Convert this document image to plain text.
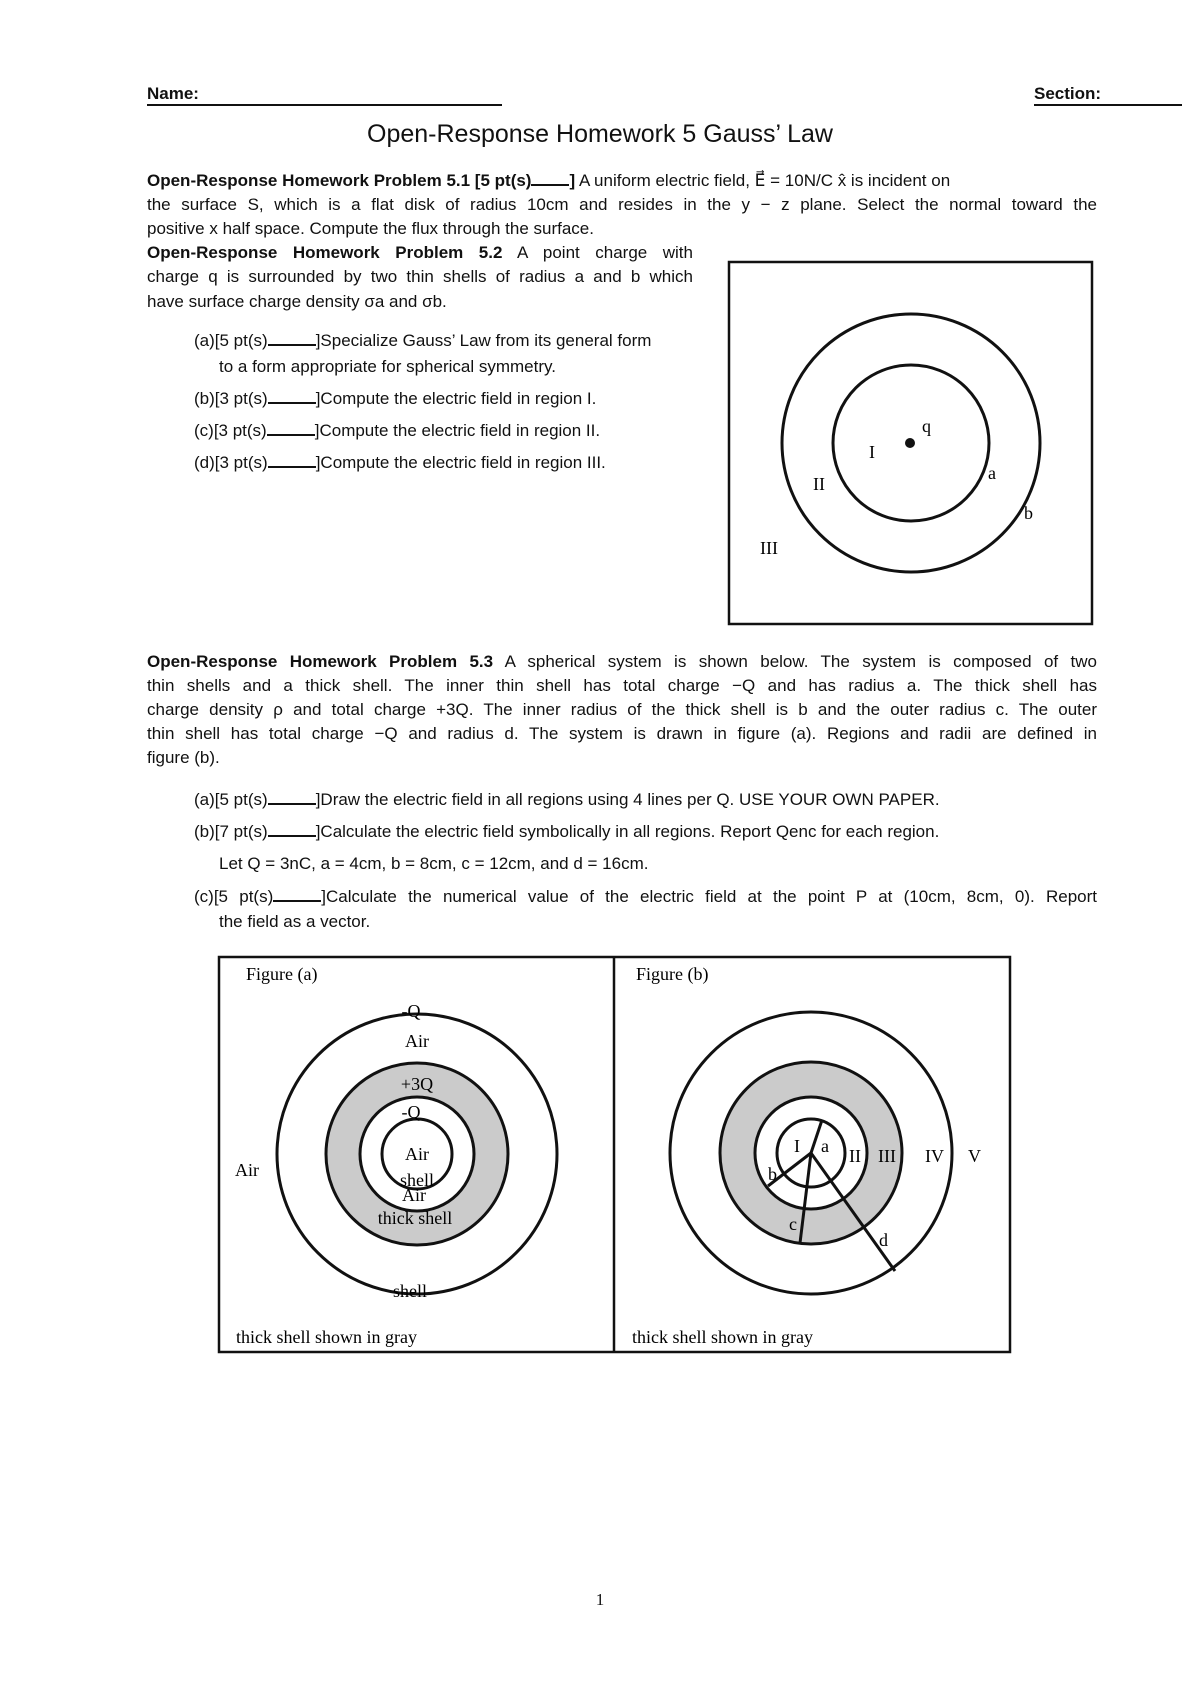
Name:	Section:
Open-Response Homework 5 Gauss’ Law
Open-Response Homework Problem 5.1 [5 pt(s) ] A uniform electric field, E⃗ = 10N/C x̂ is incident on
the surface S, which is a flat disk of radius 10cm and resides in the y − z plane. Select the normal toward the
positive x half space. Compute the flux through the surface.
Open-Response Homework Problem 5.2 A point charge with
charge q is surrounded by two thin shells of radius a and b which
have surface charge density σa and σb.
(a)[5 pt(s)	]Specialize Gauss’ Law from its general form
to a form appropriate for spherical symmetry.
(b)[3 pt(s)	]Compute the electric field in region I.
(c)[3 pt(s)	]Compute the electric field in region II.
(d)[3 pt(s)	]Compute the electric field in region III.
q
I
II
III
a
b
Open-Response Homework Problem 5.3 A spherical system is shown below. The system is composed of two
thin shells and a thick shell. The inner thin shell has total charge −Q and has radius a. The thick shell has
charge density ρ and total charge +3Q. The inner radius of the thick shell is b and the outer radius c. The outer
thin shell has total charge −Q and radius d. The system is drawn in figure (a). Regions and radii are defined in
figure (b).
(a)[5 pt(s)	]Draw the electric field in all regions using 4 lines per Q. USE YOUR OWN PAPER.
(b)[7 pt(s)	]Calculate the electric field symbolically in all regions. Report Qenc for each region.
Let Q = 3nC, a = 4cm, b = 8cm, c = 12cm, and d = 16cm.
(c)[5 pt(s)	]Calculate the numerical value of the electric field at the point P at (10cm, 8cm, 0). Report
the field as a vector.
Figure (a)
-Q
Air
+3Q
-Q
Air
shell
Air
thick shell
Air
shell
thick shell shown in gray
Figure (b)
I	II III IV V
a
b
c
d
thick shell shown in gray
1
